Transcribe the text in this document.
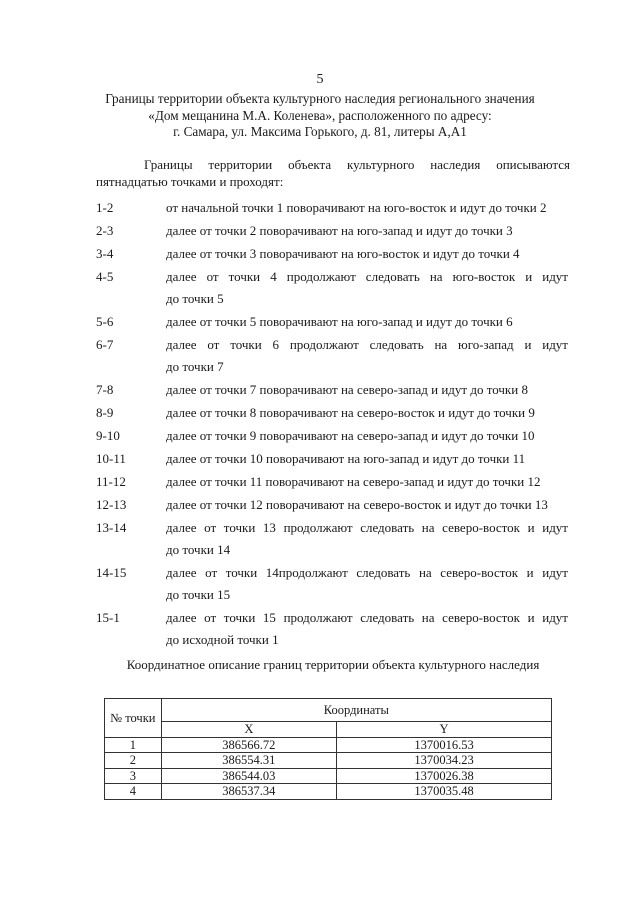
5
Границы территории объекта культурного наследия регионального значения
«Дом мещанина М.А. Коленева», расположенного по адресу:
г. Самара, ул. Максима Горького, д. 81, литеры А,А1
Границы территории объекта культурного наследия описываются
пятнадцатью точками и проходят:
1-2	от начальной точки 1 поворачивают на юго-восток и идут до точки 2
2-3	далее от точки 2 поворачивают на юго-запад и идут до точки 3
3-4	далее от точки 3 поворачивают на юго-восток и идут до точки 4
4-5	далее от точки 4 продолжают следовать на юго-восток и идут
до точки 5
5-6	далее от точки 5 поворачивают на юго-запад и идут до точки 6
6-7	далее от точки 6 продолжают следовать на юго-запад и идут
до точки 7
7-8	далее от точки 7 поворачивают на северо-запад и идут до точки 8
8-9	далее от точки 8 поворачивают на северо-восток и идут до точки 9
9-10	далее от точки 9 поворачивают на северо-запад и идут до точки 10
10-11	далее от точки 10 поворачивают на юго-запад и идут до точки 11
11-12	далее от точки 11 поворачивают на северо-запад и идут до точки 12
12-13	далее от точки 12 поворачивают на северо-восток и идут до точки 13
13-14	далее от точки 13 продолжают следовать на северо-восток и идут
до точки 14
14-15	далее от точки 14продолжают следовать на северо-восток и идут
до точки 15
15-1	далее от точки 15 продолжают следовать на северо-восток и идут
до исходной точки 1
Координатное описание границ территории объекта культурного наследия
№ точки	Координаты	
	X	Y
1	386566.72	1370016.53
2	386554.31	1370034.23
3	386544.03	1370026.38
4	386537.34	1370035.48
